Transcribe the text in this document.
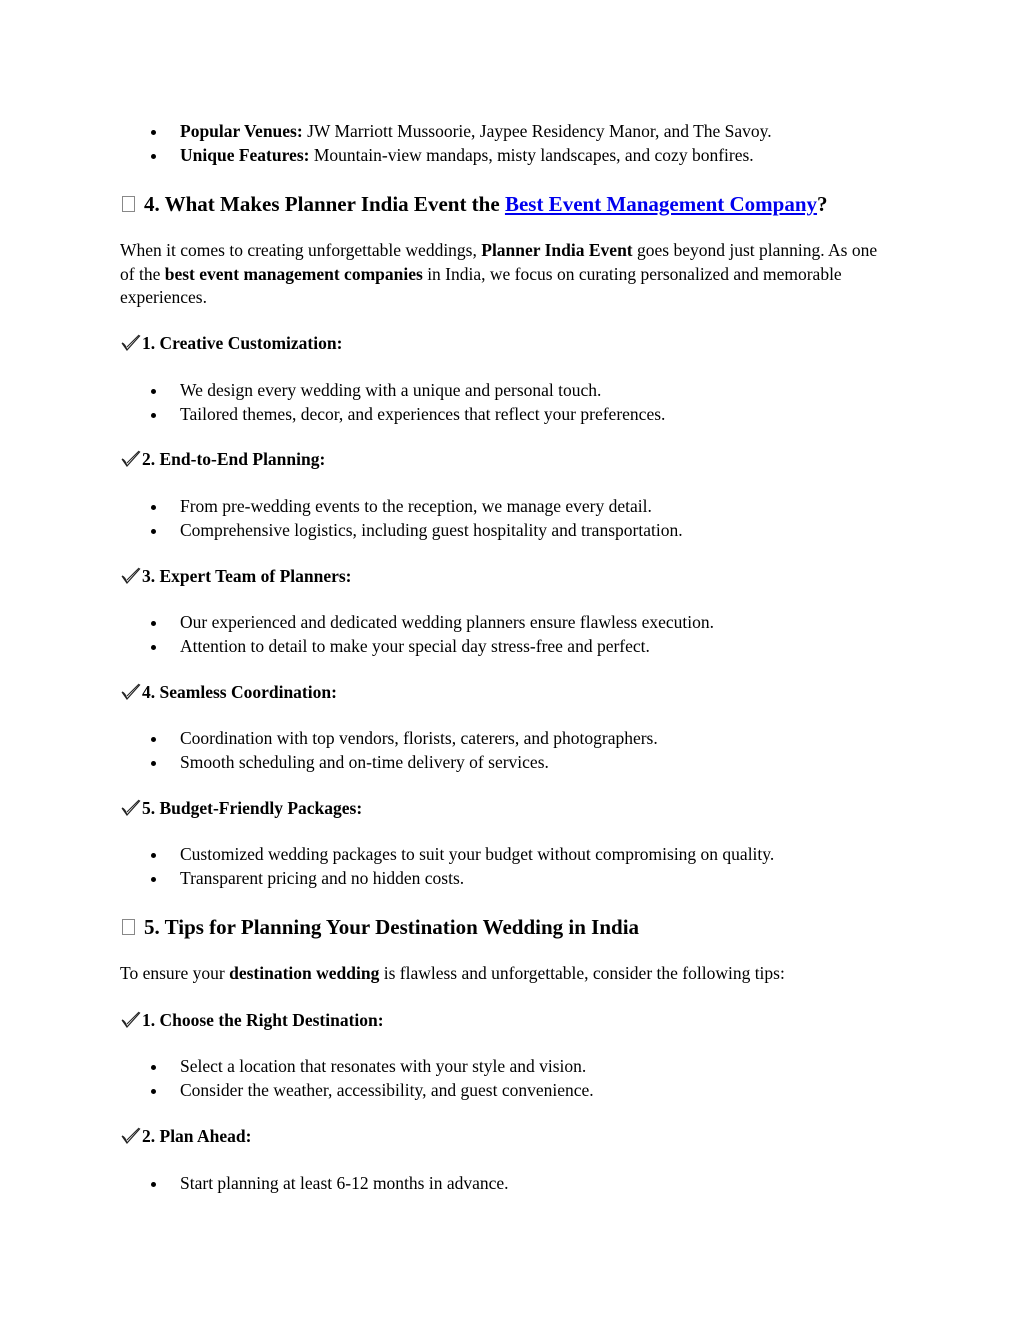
Popular Venues: JW Marriott Mussoorie, Jaypee Residency Manor, and The Savoy.
Unique Features: Mountain-view mandaps, misty landscapes, and cozy bonfires.

4. What Makes Planner India Event the Best Event Management Company?

When it comes to creating unforgettable weddings, Planner India Event goes beyond just planning. As one of the best event management companies in India, we focus on curating personalized and memorable experiences.

1. Creative Customization:

We design every wedding with a unique and personal touch.
Tailored themes, decor, and experiences that reflect your preferences.

2. End-to-End Planning:

From pre-wedding events to the reception, we manage every detail.
Comprehensive logistics, including guest hospitality and transportation.

3. Expert Team of Planners:

Our experienced and dedicated wedding planners ensure flawless execution.
Attention to detail to make your special day stress-free and perfect.

4. Seamless Coordination:

Coordination with top vendors, florists, caterers, and photographers.
Smooth scheduling and on-time delivery of services.

5. Budget-Friendly Packages:

Customized wedding packages to suit your budget without compromising on quality.
Transparent pricing and no hidden costs.

5. Tips for Planning Your Destination Wedding in India

To ensure your destination wedding is flawless and unforgettable, consider the following tips:

1. Choose the Right Destination:

Select a location that resonates with your style and vision.
Consider the weather, accessibility, and guest convenience.

2. Plan Ahead:

Start planning at least 6-12 months in advance.
